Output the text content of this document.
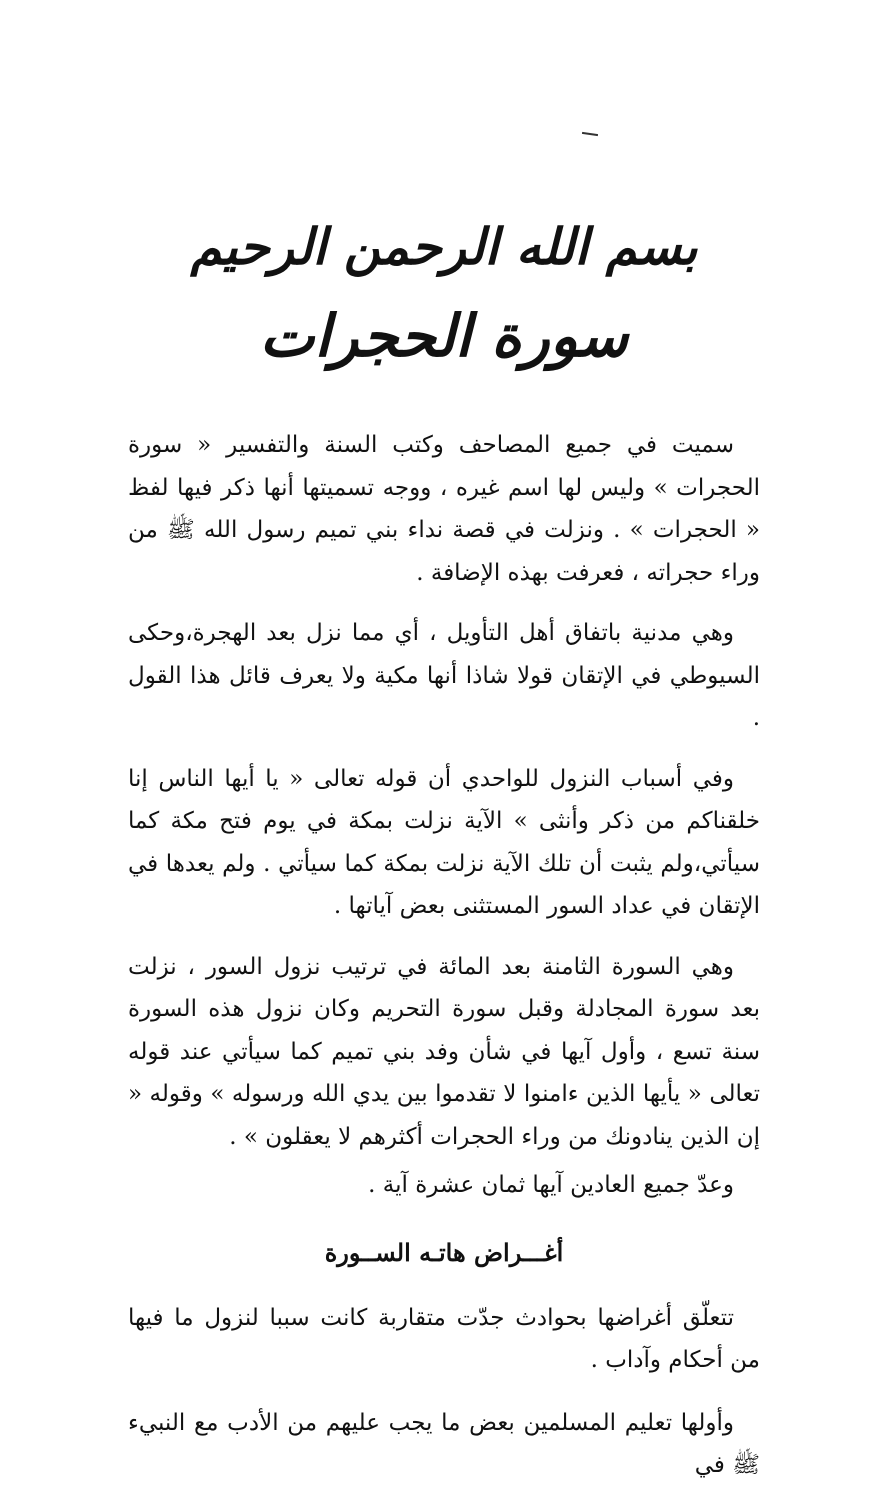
بسم الله الرحمن الرحيم
سورة الحجرات

سميت في جميع المصاحف وكتب السنة والتفسير « سورة الحجرات » وليس لها اسم غيره ، ووجه تسميتها أنها ذكر فيها لفظ « الحجرات » . ونزلت في قصة نداء بني تميم رسول الله ﷺ من وراء حجراته ، فعرفت بهذه الإضافة .

وهي مدنية باتفاق أهل التأويل ، أي مما نزل بعد الهجرة،وحكى السيوطي في الإتقان قولا شاذا أنها مكية ولا يعرف قائل هذا القول .

وفي أسباب النزول للواحدي أن قوله تعالى « يا أيها الناس إنا خلقناكم من ذكر وأنثى » الآية نزلت بمكة في يوم فتح مكة كما سيأتي،ولم يثبت أن تلك الآية نزلت بمكة كما سيأتي . ولم يعدها في الإتقان في عداد السور المستثنى بعض آياتها .

وهي السورة الثامنة بعد المائة في ترتيب نزول السور ، نزلت بعد سورة المجادلة وقبل سورة التحريم وكان نزول هذه السورة سنة تسع ، وأول آيها في شأن وفد بني تميم كما سيأتي عند قوله تعالى « يأيها الذين ءامنوا لا تقدموا بين يدي الله ورسوله » وقوله « إن الذين ينادونك من وراء الحجرات أكثرهم لا يعقلون » .

وعدّ جميع العادين آيها ثمان عشرة آية .

أغـــراض هاتـه الســورة

تتعلّق أغراضها بحوادث جدّت متقاربة كانت سببا لنزول ما فيها من أحكام وآداب .

وأولها تعليم المسلمين بعض ما يجب عليهم من الأدب مع النبيء ﷺ في
